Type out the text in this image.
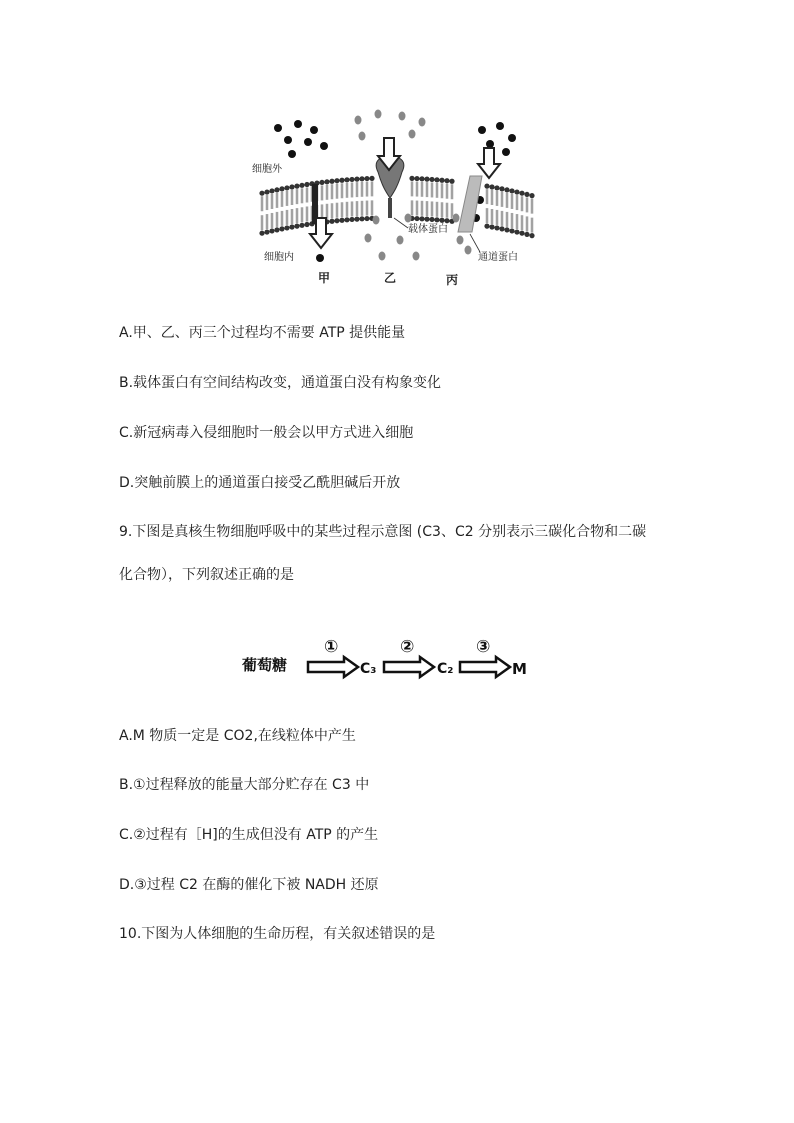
细胞外
细胞内
载体蛋白
通道蛋白
甲	乙	丙
A.甲、乙、丙三个过程均不需要 ATP 提供能量
B.载体蛋白有空间结构改变，通道蛋白没有构象变化
C.新冠病毒入侵细胞时一般会以甲方式进入细胞
D.突触前膜上的通道蛋白接受乙酰胆碱后开放
9.下图是真核生物细胞呼吸中的某些过程示意图 (C3、C2 分别表示三碳化合物和二碳
化合物），下列叙述正确的是
葡萄糖
①
C₃
②
C₂
③
M
A.M 物质一定是 CO2,在线粒体中产生
B.①过程释放的能量大部分贮存在 C3 中
C.②过程有［H]的生成但没有 ATP 的产生
D.③过程 C2 在酶的催化下被 NADH 还原
10.下图为人体细胞的生命历程，有关叙述错误的是
